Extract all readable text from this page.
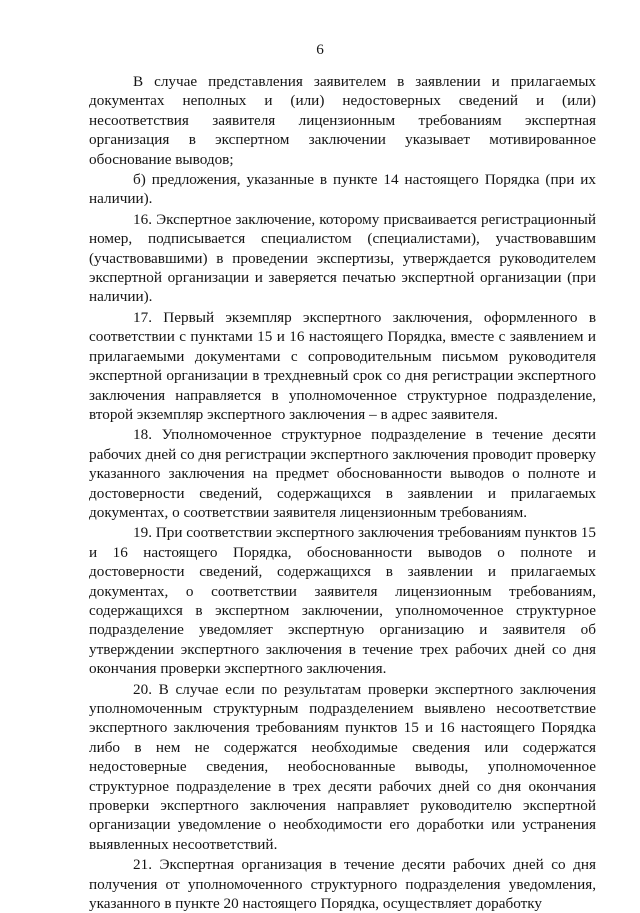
6

В случае представления заявителем в заявлении и прилагаемых документах неполных и (или) недостоверных сведений и (или) несоответствия заявителя лицензионным требованиям экспертная организация в экспертном заключении указывает мотивированное обоснование выводов;

б) предложения, указанные в пункте 14 настоящего Порядка (при их наличии).

16. Экспертное заключение, которому присваивается регистрационный номер, подписывается специалистом (специалистами), участвовавшим (участвовавшими) в проведении экспертизы, утверждается руководителем экспертной организации и заверяется печатью экспертной организации (при наличии).

17. Первый экземпляр экспертного заключения, оформленного в соответствии с пунктами 15 и 16 настоящего Порядка, вместе с заявлением и прилагаемыми документами с сопроводительным письмом руководителя экспертной организации в трехдневный срок со дня регистрации экспертного заключения направляется в уполномоченное структурное подразделение, второй экземпляр экспертного заключения – в адрес заявителя.

18. Уполномоченное структурное подразделение в течение десяти рабочих дней со дня регистрации экспертного заключения проводит проверку указанного заключения на предмет обоснованности выводов о полноте и достоверности сведений, содержащихся в заявлении и прилагаемых документах, о соответствии заявителя лицензионным требованиям.

19. При соответствии экспертного заключения требованиям пунктов 15 и 16 настоящего Порядка, обоснованности выводов о полноте и достоверности сведений, содержащихся в заявлении и прилагаемых документах, о соответствии заявителя лицензионным требованиям, содержащихся в экспертном заключении, уполномоченное структурное подразделение уведомляет экспертную организацию и заявителя об утверждении экспертного заключения в течение трех рабочих дней со дня окончания проверки экспертного заключения.

20. В случае если по результатам проверки экспертного заключения уполномоченным структурным подразделением выявлено несоответствие экспертного заключения требованиям пунктов 15 и 16 настоящего Порядка либо в нем не содержатся необходимые сведения или содержатся недостоверные сведения, необоснованные выводы, уполномоченное структурное подразделение в трех десяти рабочих дней со дня окончания проверки экспертного заключения направляет руководителю экспертной организации уведомление о необходимости его доработки или устранения выявленных несоответствий.

21. Экспертная организация в течение десяти рабочих дней со дня получения от уполномоченного структурного подразделения уведомления, указанного в пункте 20 настоящего Порядка, осуществляет доработку
